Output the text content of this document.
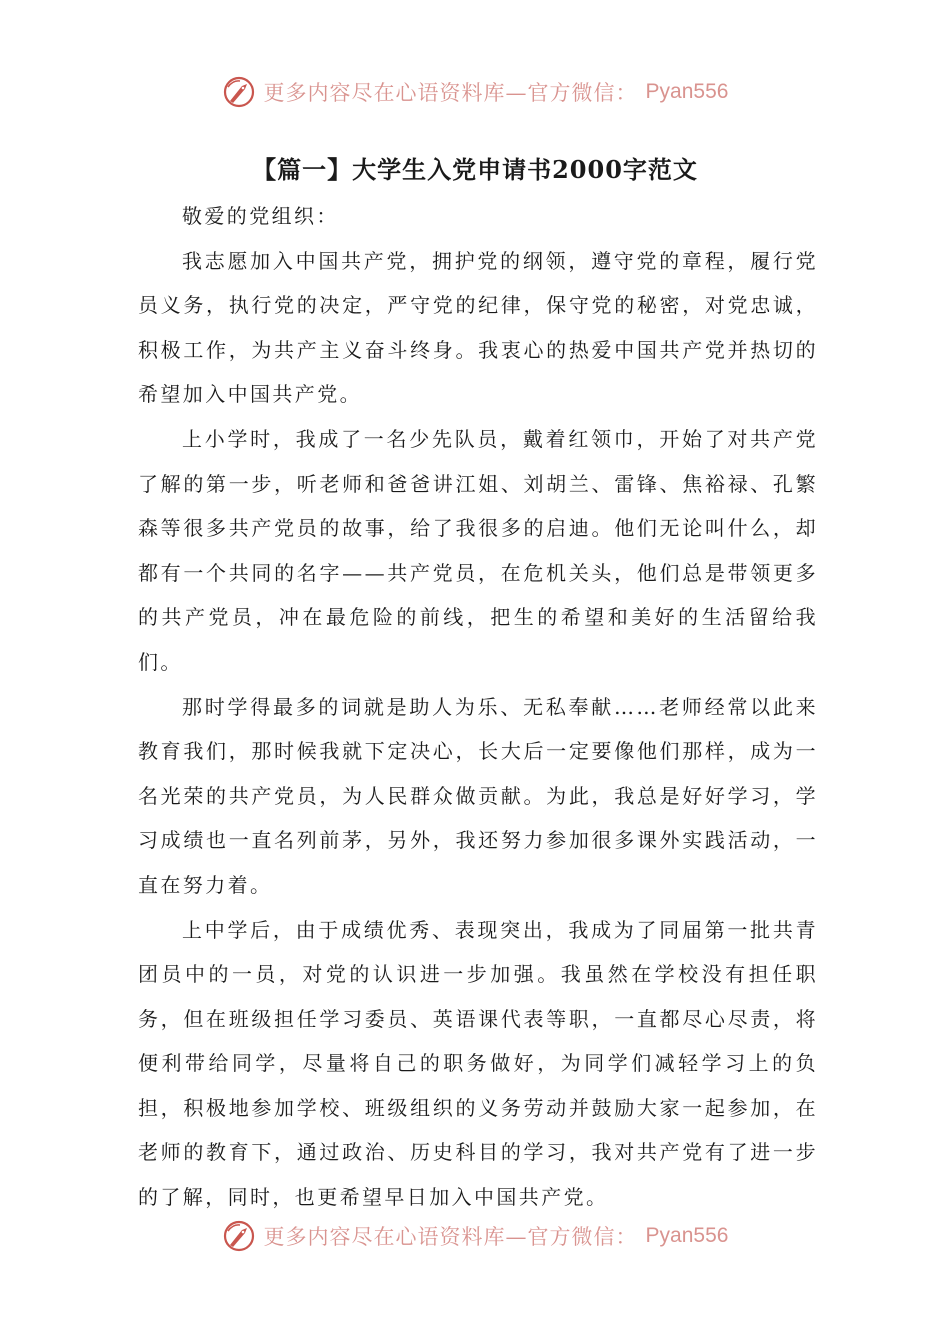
更多内容尽在心语资料库—官方微信： Pyan556
【篇一】大学生入党申请书2000字范文

敬爱的党组织：

我志愿加入中国共产党，拥护党的纲领，遵守党的章程，履行党员义务，执行党的决定，严守党的纪律，保守党的秘密，对党忠诚，积极工作，为共产主义奋斗终身。我衷心的热爱中国共产党并热切的希望加入中国共产党。

上小学时，我成了一名少先队员，戴着红领巾，开始了对共产党了解的第一步，听老师和爸爸讲江姐、刘胡兰、雷锋、焦裕禄、孔繁森等很多共产党员的故事，给了我很多的启迪。他们无论叫什么，却都有一个共同的名字——共产党员，在危机关头，他们总是带领更多的共产党员，冲在最危险的前线，把生的希望和美好的生活留给我们。

那时学得最多的词就是助人为乐、无私奉献……老师经常以此来教育我们，那时候我就下定决心，长大后一定要像他们那样，成为一名光荣的共产党员，为人民群众做贡献。为此，我总是好好学习，学习成绩也一直名列前茅，另外，我还努力参加很多课外实践活动，一直在努力着。

上中学后，由于成绩优秀、表现突出，我成为了同届第一批共青团员中的一员，对党的认识进一步加强。我虽然在学校没有担任职务，但在班级担任学习委员、英语课代表等职，一直都尽心尽责，将便利带给同学，尽量将自己的职务做好，为同学们减轻学习上的负担，积极地参加学校、班级组织的义务劳动并鼓励大家一起参加，在老师的教育下，通过政治、历史科目的学习，我对共产党有了进一步的了解，同时，也更希望早日加入中国共产党。

更多内容尽在心语资料库—官方微信： Pyan556
